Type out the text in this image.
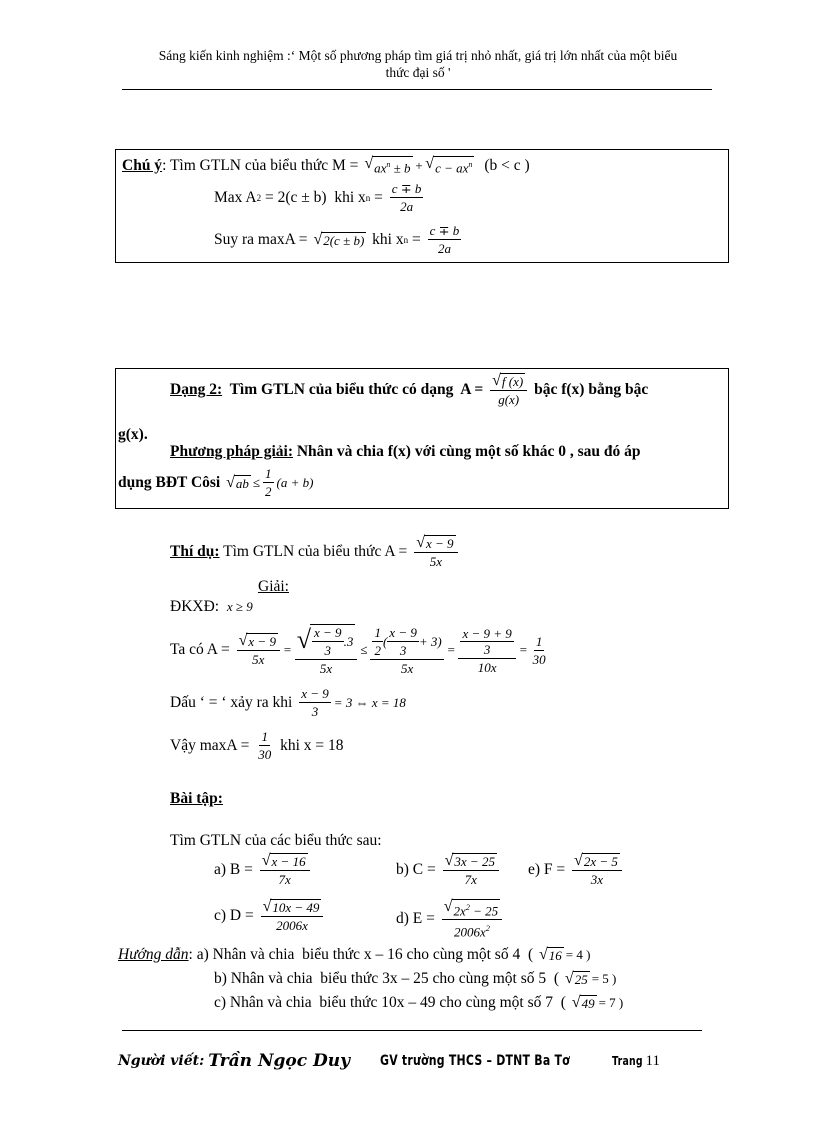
Sáng kiến kinh nghiệm :‘ Một số phương pháp tìm giá trị nhỏ nhất, giá trị lớn nhất của một biểu
thức đại số '
Chú ý : Tìm GTLN của biểu thức M = √ $ax^n \pm b$ + √ $c - ax^n$ (b < c )
Max A 2 = 2(c ± b)  khi x $n = \frac{c \mp b}{2a}$
Suy ra maxA = √ 2(c ± b) khi x $n = \frac{c \mp b}{2a}$
Dạng 2: Tìm GTLN của biểu thức có dạng  $A = \frac{√ f (x)}{g(x)}$ bậc f(x) bằng bậc
g(x).
Phương pháp giải: Nhân và chia f(x) với cùng một số khác 0 , sau đó áp
dụng BĐT Côsi √ ab ≤ $\frac{1}{2} (a + b)$
Thí dụ: Tìm GTLN của biểu thức $A = \frac{√ x - 9}{5x}$
Giải:
ĐKXĐ: x ≥ 9
Ta có $A = \frac{√ x - 9}{5x} = \frac{√ \frac{x - 9}{3} .3}{5x} \le \frac{\frac{1}{2} ( \frac{x - 9}{3} + 3)}{5x} = \frac{\frac{x - 9 + 9}{3}}{10x} = \frac{1}{30}$
Dấu ‘ = ‘ xảy ra khi $\frac{x - 9}{3} = 3$ ⇔ x = 18
Vậy $\max A = \frac{1}{30}$ khi x = 18
Bài tập:
Tìm GTLN của các biểu thức sau:
a) $B = \frac{√ x - 16}{7x}$	b) $C = \frac{√ 3x - 25}{7x} e$) $F = \frac{√ 2x - 5}{3x}$
c) $D = \frac{√ 10x - 49}{2006x}$	d) $E = \frac{√ 2x^2 - 25}{2006x^2}$
Hướng dẫn : a) Nhân và chia  biểu thức x – 16 cho cùng một số 4  ( √ 16 = 4 )
b) Nhân và chia  biểu thức 3x – 25 cho cùng một số 5  ( √ 25 = 5 )
c) Nhân và chia  biểu thức 10x – 49 cho cùng một số 7  ( √ 49 = 7 )
Người viết: Trần Ngọc Duy GV trường THCS – DTNT Ba Tơ	Trang 11
